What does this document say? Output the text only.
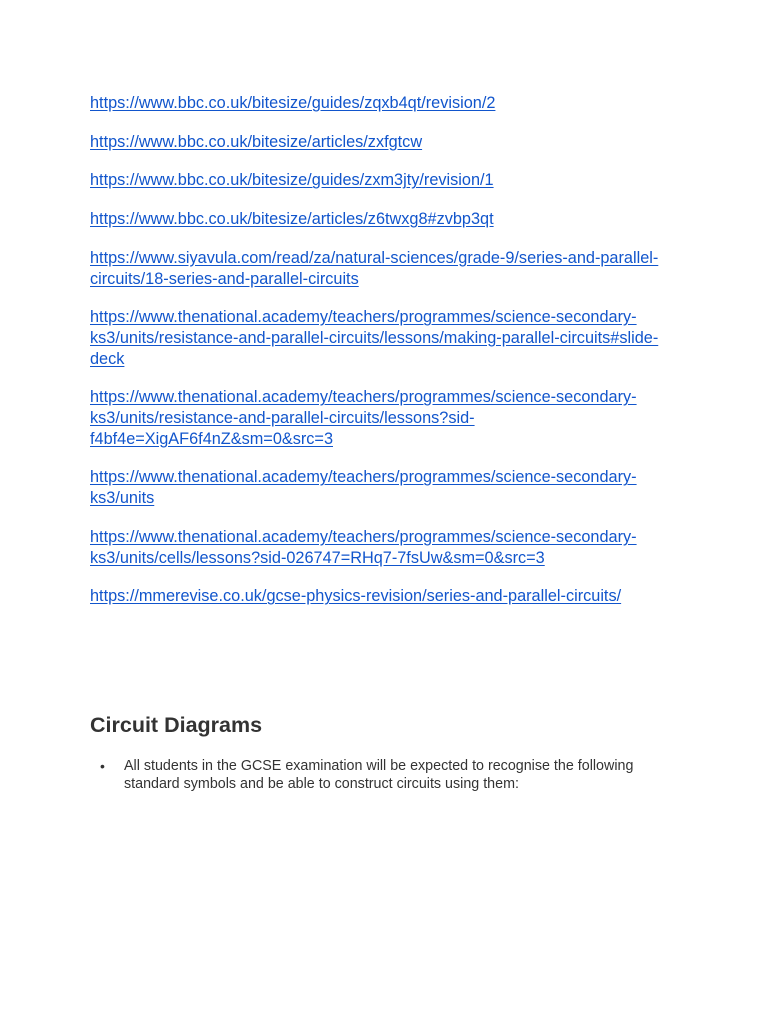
https://www.bbc.co.uk/bitesize/guides/zqxb4qt/revision/2
https://www.bbc.co.uk/bitesize/articles/zxfgtcw
https://www.bbc.co.uk/bitesize/guides/zxm3jty/revision/1
https://www.bbc.co.uk/bitesize/articles/z6twxg8#zvbp3qt
https://www.siyavula.com/read/za/natural-sciences/grade-9/series-and-parallel-circuits/18-series-and-parallel-circuits
https://www.thenational.academy/teachers/programmes/science-secondary-ks3/units/resistance-and-parallel-circuits/lessons/making-parallel-circuits#slide-deck
https://www.thenational.academy/teachers/programmes/science-secondary-ks3/units/resistance-and-parallel-circuits/lessons?sid-f4bf4e=XigAF6f4nZ&sm=0&src=3
https://www.thenational.academy/teachers/programmes/science-secondary-ks3/units
https://www.thenational.academy/teachers/programmes/science-secondary-ks3/units/cells/lessons?sid-026747=RHq7-7fsUw&sm=0&src=3
https://mmerevise.co.uk/gcse-physics-revision/series-and-parallel-circuits/
Circuit Diagrams
• All students in the GCSE examination will be expected to recognise the following standard symbols and be able to construct circuits using them:
